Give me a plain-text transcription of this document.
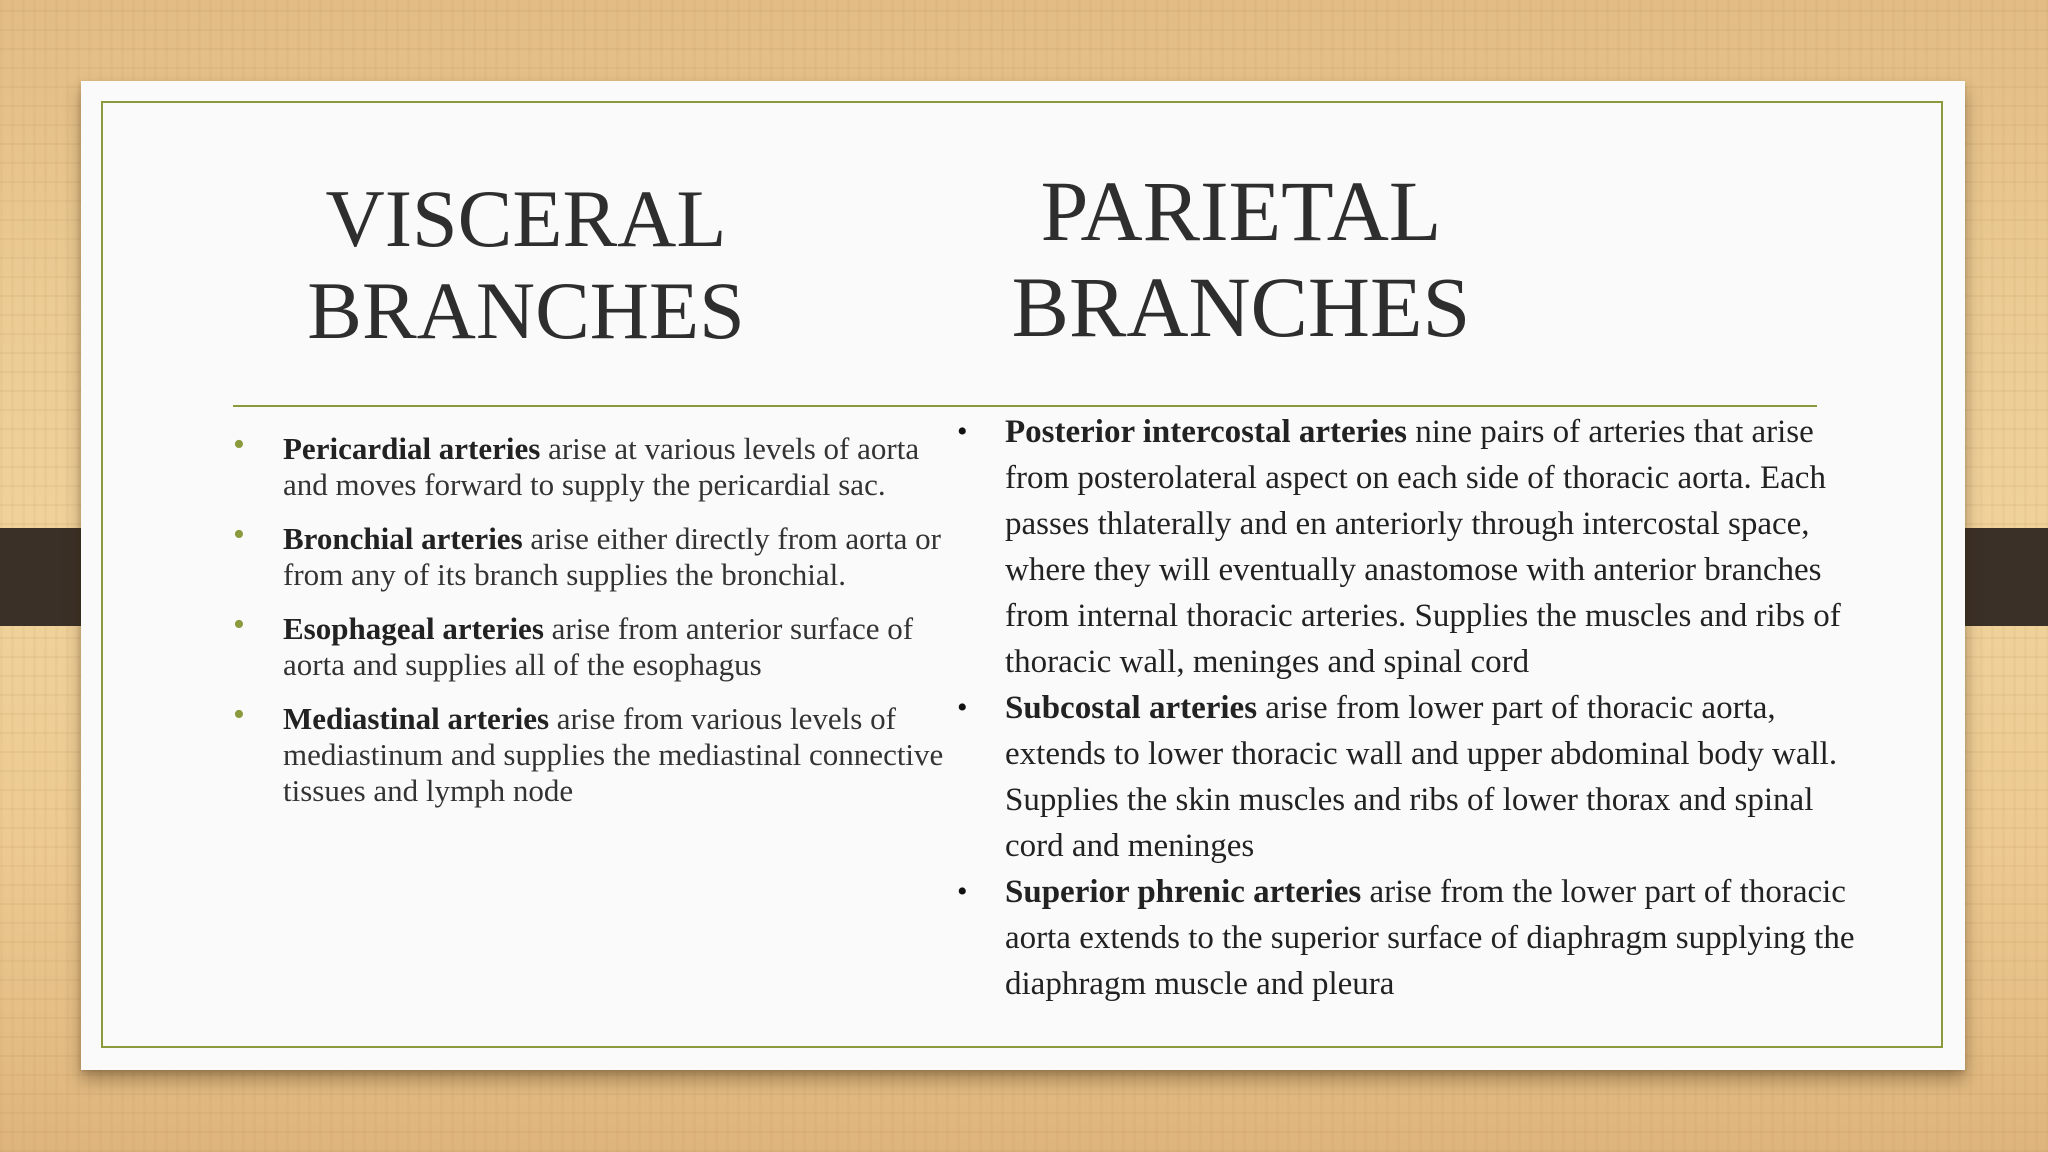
VISCERAL
BRANCHES
PARIETAL
BRANCHES
• Pericardial arteries arise at various levels of aorta and moves forward to supply the pericardial sac.
• Bronchial arteries arise either directly from aorta or from any of its branch supplies the bronchial.
• Esophageal arteries arise from anterior surface of aorta and supplies all of the esophagus
• Mediastinal arteries arise from various levels of mediastinum and supplies the mediastinal connective tissues and lymph node
• Posterior intercostal arteries nine pairs of arteries that arise from posterolateral aspect on each side of thoracic aorta. Each passes thlaterally and en anteriorly through intercostal space, where they will eventually anastomose with anterior branches from internal thoracic arteries. Supplies the muscles and ribs of thoracic wall, meninges and spinal cord
• Subcostal arteries arise from lower part of thoracic aorta, extends to lower thoracic wall and upper abdominal body wall. Supplies the skin muscles and ribs of lower thorax and spinal cord and meninges
• Superior phrenic arteries arise from the lower part of thoracic aorta extends to the superior surface of diaphragm supplying the diaphragm muscle and pleura
